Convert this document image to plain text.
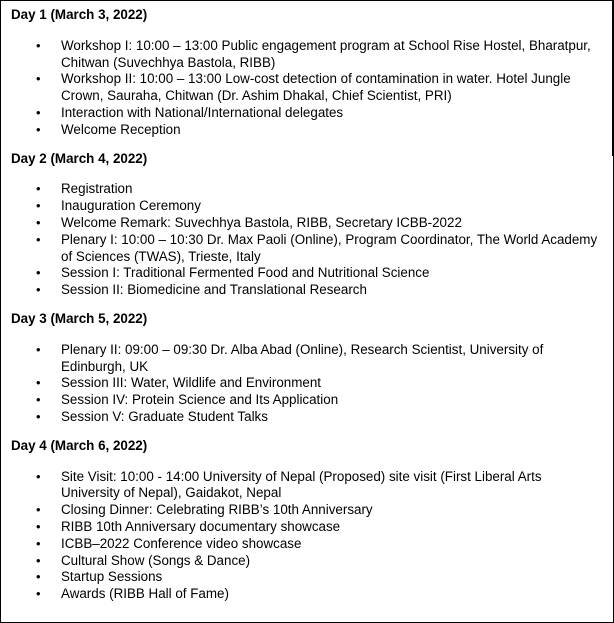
Day 1 (March 3, 2022)
• Workshop I: 10:00 – 13:00 Public engagement program at School Rise Hostel, Bharatpur, Chitwan (Suvechhya Bastola, RIBB)
• Workshop II: 10:00 – 13:00 Low-cost detection of contamination in water. Hotel Jungle Crown, Sauraha, Chitwan (Dr. Ashim Dhakal, Chief Scientist, PRI)
• Interaction with National/International delegates
• Welcome Reception
Day 2 (March 4, 2022)
• Registration
• Inauguration Ceremony
• Welcome Remark: Suvechhya Bastola, RIBB, Secretary ICBB-2022
• Plenary I: 10:00 – 10:30 Dr. Max Paoli (Online), Program Coordinator, The World Academy of Sciences (TWAS), Trieste, Italy
• Session I: Traditional Fermented Food and Nutritional Science
• Session II: Biomedicine and Translational Research
Day 3 (March 5, 2022)
• Plenary II: 09:00 – 09:30 Dr. Alba Abad (Online), Research Scientist, University of Edinburgh, UK
• Session III: Water, Wildlife and Environment
• Session IV: Protein Science and Its Application
• Session V: Graduate Student Talks
Day 4 (March 6, 2022)
• Site Visit: 10:00 - 14:00 University of Nepal (Proposed) site visit (First Liberal Arts University of Nepal), Gaidakot, Nepal
• Closing Dinner: Celebrating RIBB’s 10th Anniversary
• RIBB 10th Anniversary documentary showcase
• ICBB–2022 Conference video showcase
• Cultural Show (Songs & Dance)
• Startup Sessions
• Awards (RIBB Hall of Fame)
